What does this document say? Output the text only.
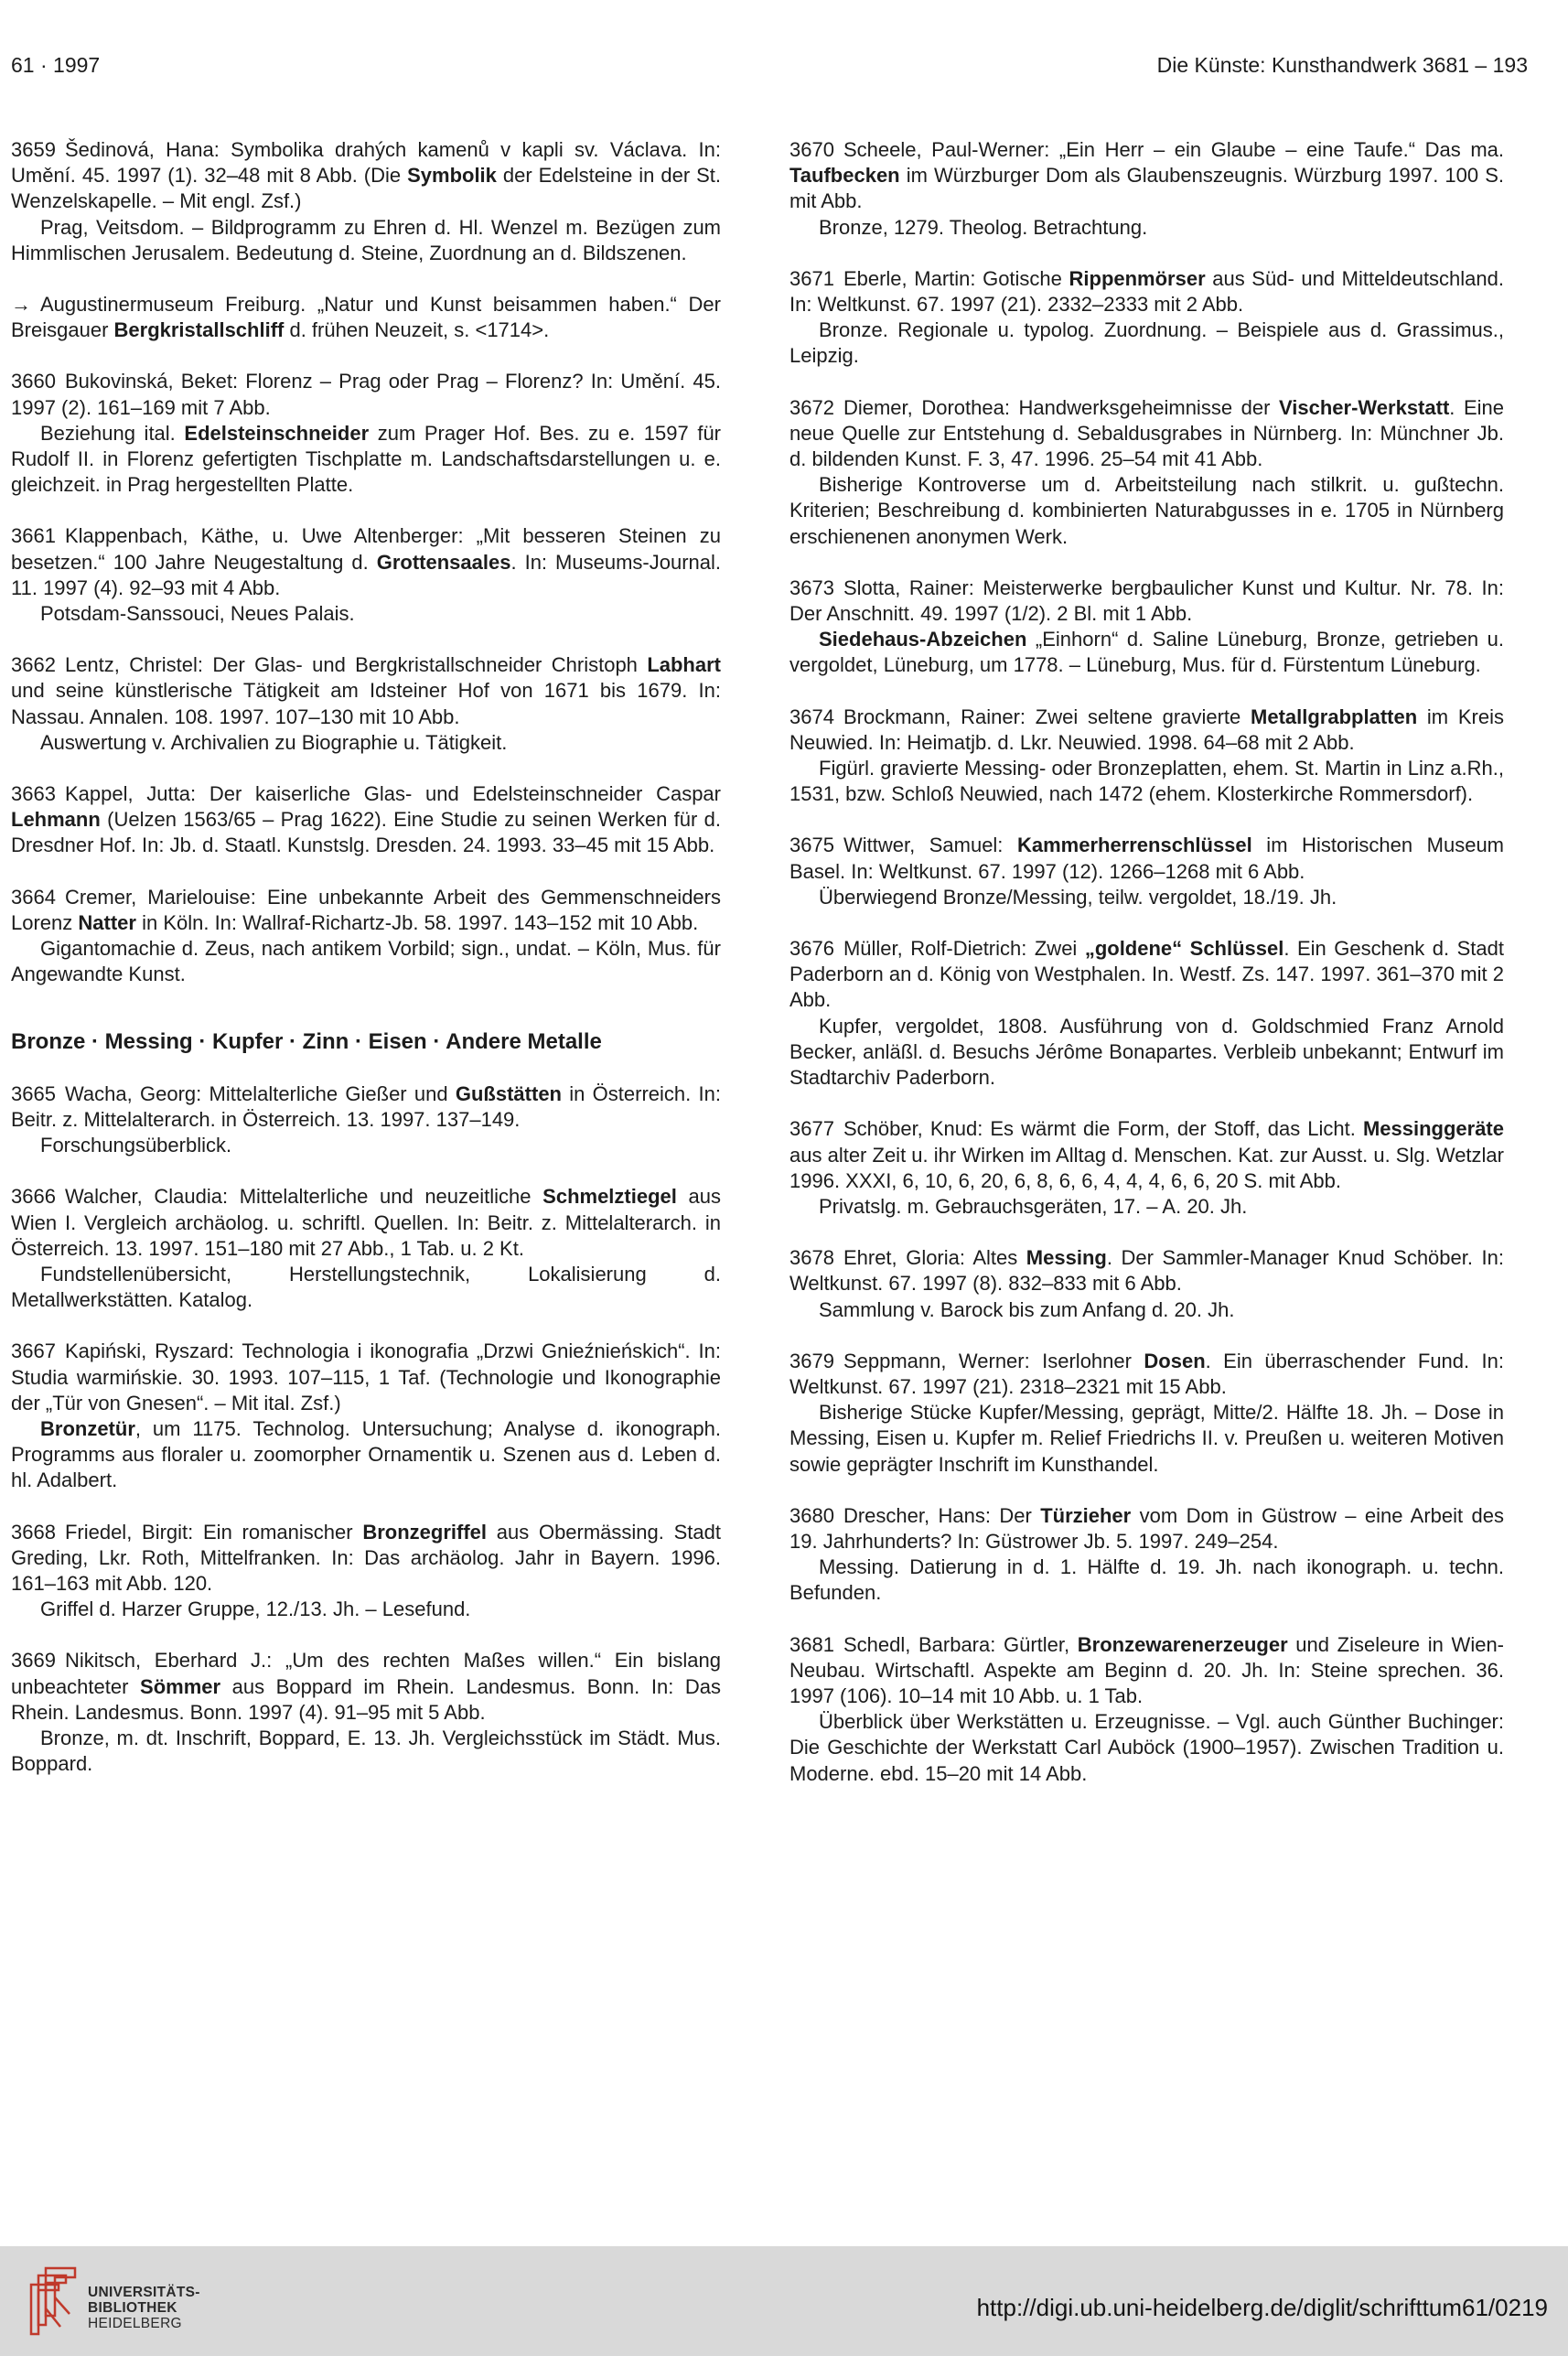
61 · 1997	Die Künste: Kunsthandwerk 3681 – 193

3659 Šedinová, Hana: Symbolika drahých kamenů v kapli sv. Václava. In: Umění. 45. 1997 (1). 32–48 mit 8 Abb. (Die Symbolik der Edelsteine in der St. Wenzelskapelle. – Mit engl. Zsf.)

Prag, Veitsdom. – Bildprogramm zu Ehren d. Hl. Wenzel m. Bezügen zum Himmlischen Jerusalem. Bedeutung d. Steine, Zuordnung an d. Bildszenen.

→ Augustinermuseum Freiburg. „Natur und Kunst beisammen haben.“ Der Breisgauer Bergkristallschliff d. frühen Neuzeit, s. <1714>.

3660 Bukovinská, Beket: Florenz – Prag oder Prag – Florenz? In: Umění. 45. 1997 (2). 161–169 mit 7 Abb.

Beziehung ital. Edelsteinschneider zum Prager Hof. Bes. zu e. 1597 für Rudolf II. in Florenz gefertigten Tischplatte m. Landschaftsdarstellungen u. e. gleichzeit. in Prag hergestellten Platte.

3661 Klappenbach, Käthe, u. Uwe Altenberger: „Mit besseren Steinen zu besetzen.“ 100 Jahre Neugestaltung d. Grottensaales. In: Museums-Journal. 11. 1997 (4). 92–93 mit 4 Abb.

Potsdam-Sanssouci, Neues Palais.

3662 Lentz, Christel: Der Glas- und Bergkristallschneider Christoph Labhart und seine künstlerische Tätigkeit am Idsteiner Hof von 1671 bis 1679. In: Nassau. Annalen. 108. 1997. 107–130 mit 10 Abb.

Auswertung v. Archivalien zu Biographie u. Tätigkeit.

3663 Kappel, Jutta: Der kaiserliche Glas- und Edelsteinschneider Caspar Lehmann (Uelzen 1563/65 – Prag 1622). Eine Studie zu seinen Werken für d. Dresdner Hof. In: Jb. d. Staatl. Kunstslg. Dresden. 24. 1993. 33–45 mit 15 Abb.

3664 Cremer, Marielouise: Eine unbekannte Arbeit des Gemmenschneiders Lorenz Natter in Köln. In: Wallraf-Richartz-Jb. 58. 1997. 143–152 mit 10 Abb.

Gigantomachie d. Zeus, nach antikem Vorbild; sign., undat. – Köln, Mus. für Angewandte Kunst.

Bronze · Messing · Kupfer · Zinn · Eisen · Andere Metalle

3665 Wacha, Georg: Mittelalterliche Gießer und Gußstätten in Österreich. In: Beitr. z. Mittelalterarch. in Österreich. 13. 1997. 137–149.

Forschungsüberblick.

3666 Walcher, Claudia: Mittelalterliche und neuzeitliche Schmelztiegel aus Wien I. Vergleich archäolog. u. schriftl. Quellen. In: Beitr. z. Mittelalterarch. in Österreich. 13. 1997. 151–180 mit 27 Abb., 1 Tab. u. 2 Kt.

Fundstellenübersicht, Herstellungstechnik, Lokalisierung d. Metallwerkstätten. Katalog.

3667 Kapiński, Ryszard: Technologia i ikonografia „Drzwi Gnieźnieńskich“. In: Studia warmińskie. 30. 1993. 107–115, 1 Taf. (Technologie und Ikonographie der „Tür von Gnesen“. – Mit ital. Zsf.)

Bronzetür, um 1175. Technolog. Untersuchung; Analyse d. ikonograph. Programms aus floraler u. zoomorpher Ornamentik u. Szenen aus d. Leben d. hl. Adalbert.

3668 Friedel, Birgit: Ein romanischer Bronzegriffel aus Obermässing. Stadt Greding, Lkr. Roth, Mittelfranken. In: Das archäolog. Jahr in Bayern. 1996. 161–163 mit Abb. 120.

Griffel d. Harzer Gruppe, 12./13. Jh. – Lesefund.

3669 Nikitsch, Eberhard J.: „Um des rechten Maßes willen.“ Ein bislang unbeachteter Sömmer aus Boppard im Rhein. Landesmus. Bonn. In: Das Rhein. Landesmus. Bonn. 1997 (4). 91–95 mit 5 Abb.

Bronze, m. dt. Inschrift, Boppard, E. 13. Jh. Vergleichsstück im Städt. Mus. Boppard.

3670 Scheele, Paul-Werner: „Ein Herr – ein Glaube – eine Taufe.“ Das ma. Taufbecken im Würzburger Dom als Glaubenszeugnis. Würzburg 1997. 100 S. mit Abb.

Bronze, 1279. Theolog. Betrachtung.

3671 Eberle, Martin: Gotische Rippenmörser aus Süd- und Mitteldeutschland. In: Weltkunst. 67. 1997 (21). 2332–2333 mit 2 Abb.

Bronze. Regionale u. typolog. Zuordnung. – Beispiele aus d. Grassimus., Leipzig.

3672 Diemer, Dorothea: Handwerksgeheimnisse der Vischer-Werkstatt. Eine neue Quelle zur Entstehung d. Sebaldusgrabes in Nürnberg. In: Münchner Jb. d. bildenden Kunst. F. 3, 47. 1996. 25–54 mit 41 Abb.

Bisherige Kontroverse um d. Arbeitsteilung nach stilkrit. u. gußtechn. Kriterien; Beschreibung d. kombinierten Naturabgusses in e. 1705 in Nürnberg erschienenen anonymen Werk.

3673 Slotta, Rainer: Meisterwerke bergbaulicher Kunst und Kultur. Nr. 78. In: Der Anschnitt. 49. 1997 (1/2). 2 Bl. mit 1 Abb.

Siedehaus-Abzeichen „Einhorn“ d. Saline Lüneburg, Bronze, getrieben u. vergoldet, Lüneburg, um 1778. – Lüneburg, Mus. für d. Fürstentum Lüneburg.

3674 Brockmann, Rainer: Zwei seltene gravierte Metallgrabplatten im Kreis Neuwied. In: Heimatjb. d. Lkr. Neuwied. 1998. 64–68 mit 2 Abb.

Figürl. gravierte Messing- oder Bronzeplatten, ehem. St. Martin in Linz a.Rh., 1531, bzw. Schloß Neuwied, nach 1472 (ehem. Klosterkirche Rommersdorf).

3675 Wittwer, Samuel: Kammerherrenschlüssel im Historischen Museum Basel. In: Weltkunst. 67. 1997 (12). 1266–1268 mit 6 Abb.

Überwiegend Bronze/Messing, teilw. vergoldet, 18./19. Jh.

3676 Müller, Rolf-Dietrich: Zwei „goldene“ Schlüssel. Ein Geschenk d. Stadt Paderborn an d. König von Westphalen. In. Westf. Zs. 147. 1997. 361–370 mit 2 Abb.

Kupfer, vergoldet, 1808. Ausführung von d. Goldschmied Franz Arnold Becker, anläßl. d. Besuchs Jérôme Bonapartes. Verbleib unbekannt; Entwurf im Stadtarchiv Paderborn.

3677 Schöber, Knud: Es wärmt die Form, der Stoff, das Licht. Messinggeräte aus alter Zeit u. ihr Wirken im Alltag d. Menschen. Kat. zur Ausst. u. Slg. Wetzlar 1996. XXXI, 6, 10, 6, 20, 6, 8, 6, 6, 4, 4, 4, 6, 6, 20 S. mit Abb.

Privatslg. m. Gebrauchsgeräten, 17. – A. 20. Jh.

3678 Ehret, Gloria: Altes Messing. Der Sammler-Manager Knud Schöber. In: Weltkunst. 67. 1997 (8). 832–833 mit 6 Abb.

Sammlung v. Barock bis zum Anfang d. 20. Jh.

3679 Seppmann, Werner: Iserlohner Dosen. Ein überraschender Fund. In: Weltkunst. 67. 1997 (21). 2318–2321 mit 15 Abb.

Bisherige Stücke Kupfer/Messing, geprägt, Mitte/2. Hälfte 18. Jh. – Dose in Messing, Eisen u. Kupfer m. Relief Friedrichs II. v. Preußen u. weiteren Motiven sowie geprägter Inschrift im Kunsthandel.

3680 Drescher, Hans: Der Türzieher vom Dom in Güstrow – eine Arbeit des 19. Jahrhunderts? In: Güstrower Jb. 5. 1997. 249–254.

Messing. Datierung in d. 1. Hälfte d. 19. Jh. nach ikonograph. u. techn. Befunden.

3681 Schedl, Barbara: Gürtler, Bronzewarenerzeuger und Ziseleure in Wien-Neubau. Wirtschaftl. Aspekte am Beginn d. 20. Jh. In: Steine sprechen. 36. 1997 (106). 10–14 mit 10 Abb. u. 1 Tab.

Überblick über Werkstätten u. Erzeugnisse. – Vgl. auch Günther Buchinger: Die Geschichte der Werkstatt Carl Auböck (1900–1957). Zwischen Tradition u. Moderne. ebd. 15–20 mit 14 Abb.

UNIVERSITÄTS-
BIBLIOTHEK
HEIDELBERG
http://digi.ub.uni-heidelberg.de/diglit/schrifttum61/0219
